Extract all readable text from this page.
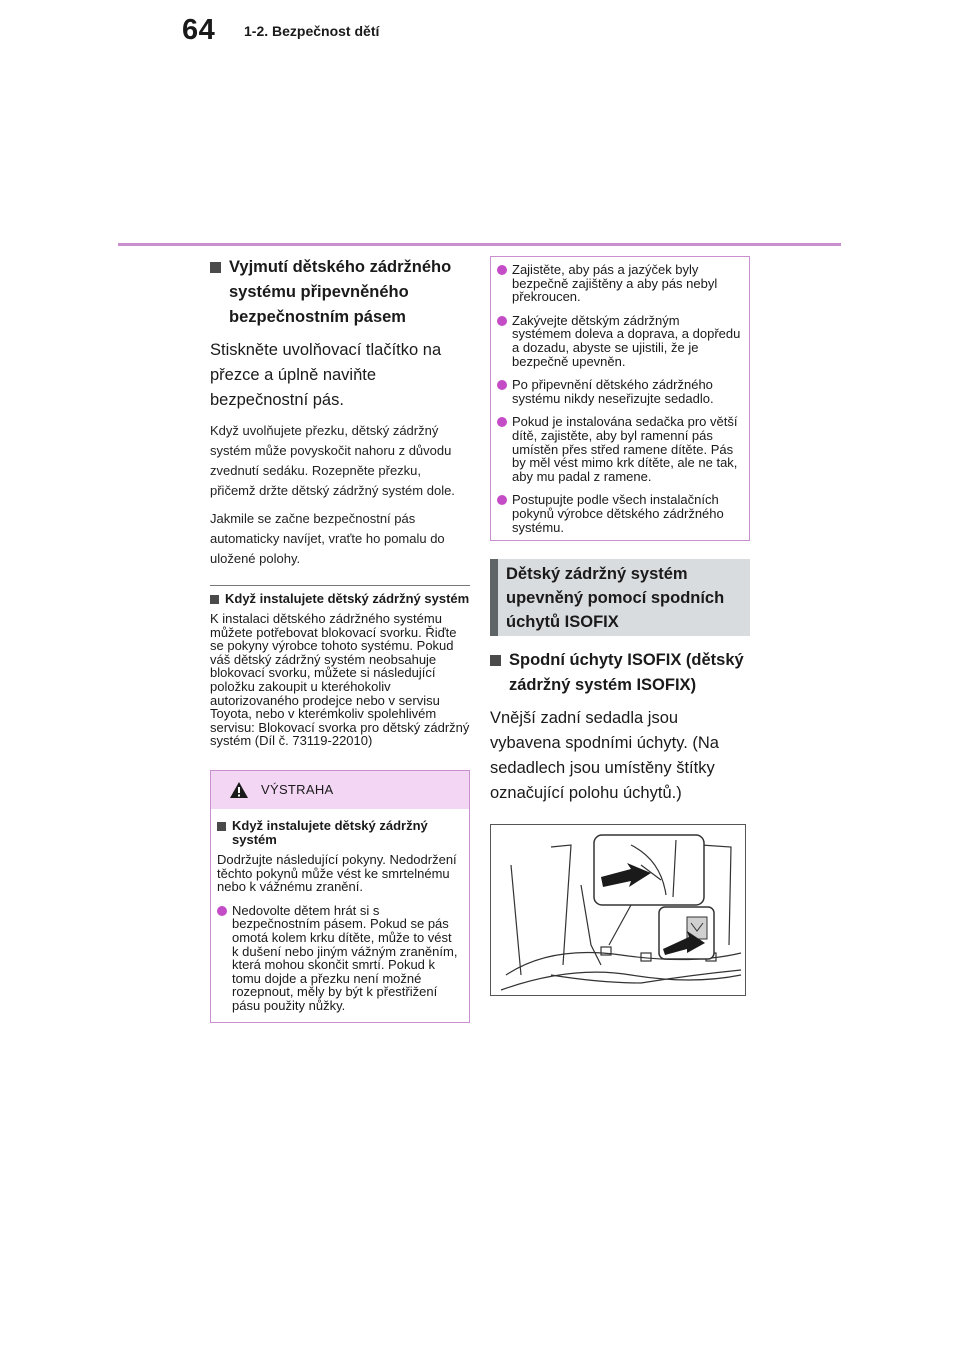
64 1-2. Bezpečnost dětí
Vyjmutí dětského zádržného systému připevněného bezpečnostním pásem
Stiskněte uvolňovací tlačítko na přezce a úplně naviňte bezpečnostní pás.
Když uvolňujete přezku, dětský zádržný systém může povyskočit nahoru z důvodu zvednutí sedáku. Rozepněte přezku, přičemž držte dětský zádržný systém dole.
Jakmile se začne bezpečnostní pás automaticky navíjet, vraťte ho pomalu do uložené polohy.
Když instalujete dětský zádržný systém
K instalaci dětského zádržného systému můžete potřebovat blokovací svorku. Řiďte se pokyny výrobce tohoto systému. Pokud váš dětský zádržný systém neobsahuje blokovací svorku, můžete si následující položku zakoupit u kteréhokoliv autorizovaného prodejce nebo v servisu Toyota, nebo v kterémkoliv spolehlivém servisu: Blokovací svorka pro dětský zádržný systém (Díl č. 73119-22010)
VÝSTRAHA
Když instalujete dětský zádržný systém
Dodržujte následující pokyny. Nedodržení těchto pokynů může vést ke smrtelnému nebo k vážnému zranění.
Nedovolte dětem hrát si s bezpečnostním pásem. Pokud se pás omotá kolem krku dítěte, může to vést k dušení nebo jiným vážným zraněním, která mohou skončit smrtí. Pokud k tomu dojde a přezku není možné rozepnout, měly by být k přestřižení pásu použity nůžky.
Zajistěte, aby pás a jazýček byly bezpečně zajištěny a aby pás nebyl překroucen.
Zakývejte dětským zádržným systémem doleva a doprava, a dopředu a dozadu, abyste se ujistili, že je bezpečně upevněn.
Po připevnění dětského zádržného systému nikdy neseřizujte sedadlo.
Pokud je instalována sedačka pro větší dítě, zajistěte, aby byl ramenní pás umístěn přes střed ramene dítěte. Pás by měl vést mimo krk dítěte, ale ne tak, aby mu padal z ramene.
Postupujte podle všech instalačních pokynů výrobce dětského zádržného systému.
Dětský zádržný systém upevněný pomocí spodních úchytů ISOFIX
Spodní úchyty ISOFIX (dětský zádržný systém ISOFIX)
Vnější zadní sedadla jsou vybavena spodními úchyty. (Na sedadlech jsou umístěny štítky označující polohu úchytů.)
